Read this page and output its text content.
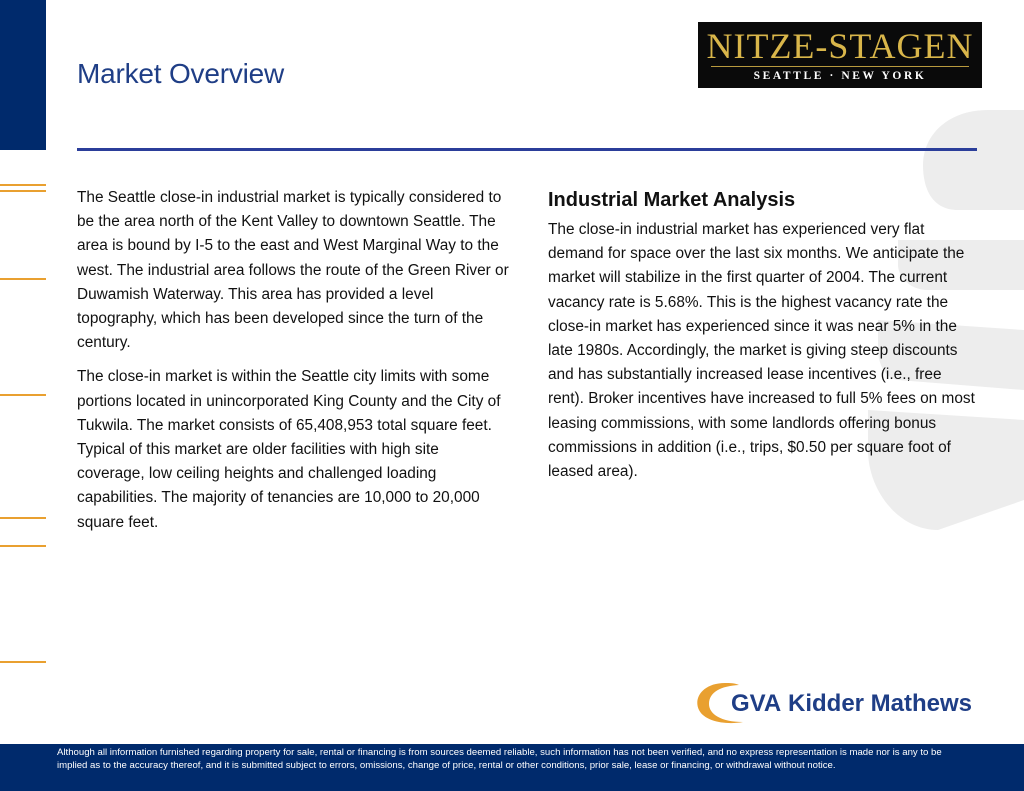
Market Overview
NITZE-STAGEN
SEATTLE · NEW YORK

The Seattle close-in industrial market is typically considered to be the area north of the Kent Valley to downtown Seattle. The area is bound by I-5 to the east and West Marginal Way to the west. The industrial area follows the route of the Green River or Duwamish Waterway. This area has provided a level topography, which has been developed since the turn of the century.

The close-in market is within the Seattle city limits with some portions located in unincorporated King County and the City of Tukwila. The market consists of 65,408,953 total square feet. Typical of this market are older facilities with high site coverage, low ceiling heights and challenged loading capabilities. The majority of tenancies are 10,000 to 20,000 square feet.

Industrial Market Analysis

The close-in industrial market has experienced very flat demand for space over the last six months. We anticipate the market will stabilize in the first quarter of 2004. The current vacancy rate is 5.68%. This is the highest vacancy rate the close-in market has experienced since it was near 5% in the late 1980s. Accordingly, the market is giving steep discounts and has substantially increased lease incentives (i.e., free rent). Broker incentives have increased to full 5% fees on most leasing commissions, with some landlords offering bonus commissions in addition (i.e., trips, $0.50 per square foot of leased area).

GVA Kidder Mathews

Although all information furnished regarding property for sale, rental or financing is from sources deemed reliable, such information has not been verified, and no express representation is made nor is any to be implied as to the accuracy thereof, and it is submitted subject to errors, omissions, change of price, rental or other conditions, prior sale, lease or financing, or withdrawal without notice.
